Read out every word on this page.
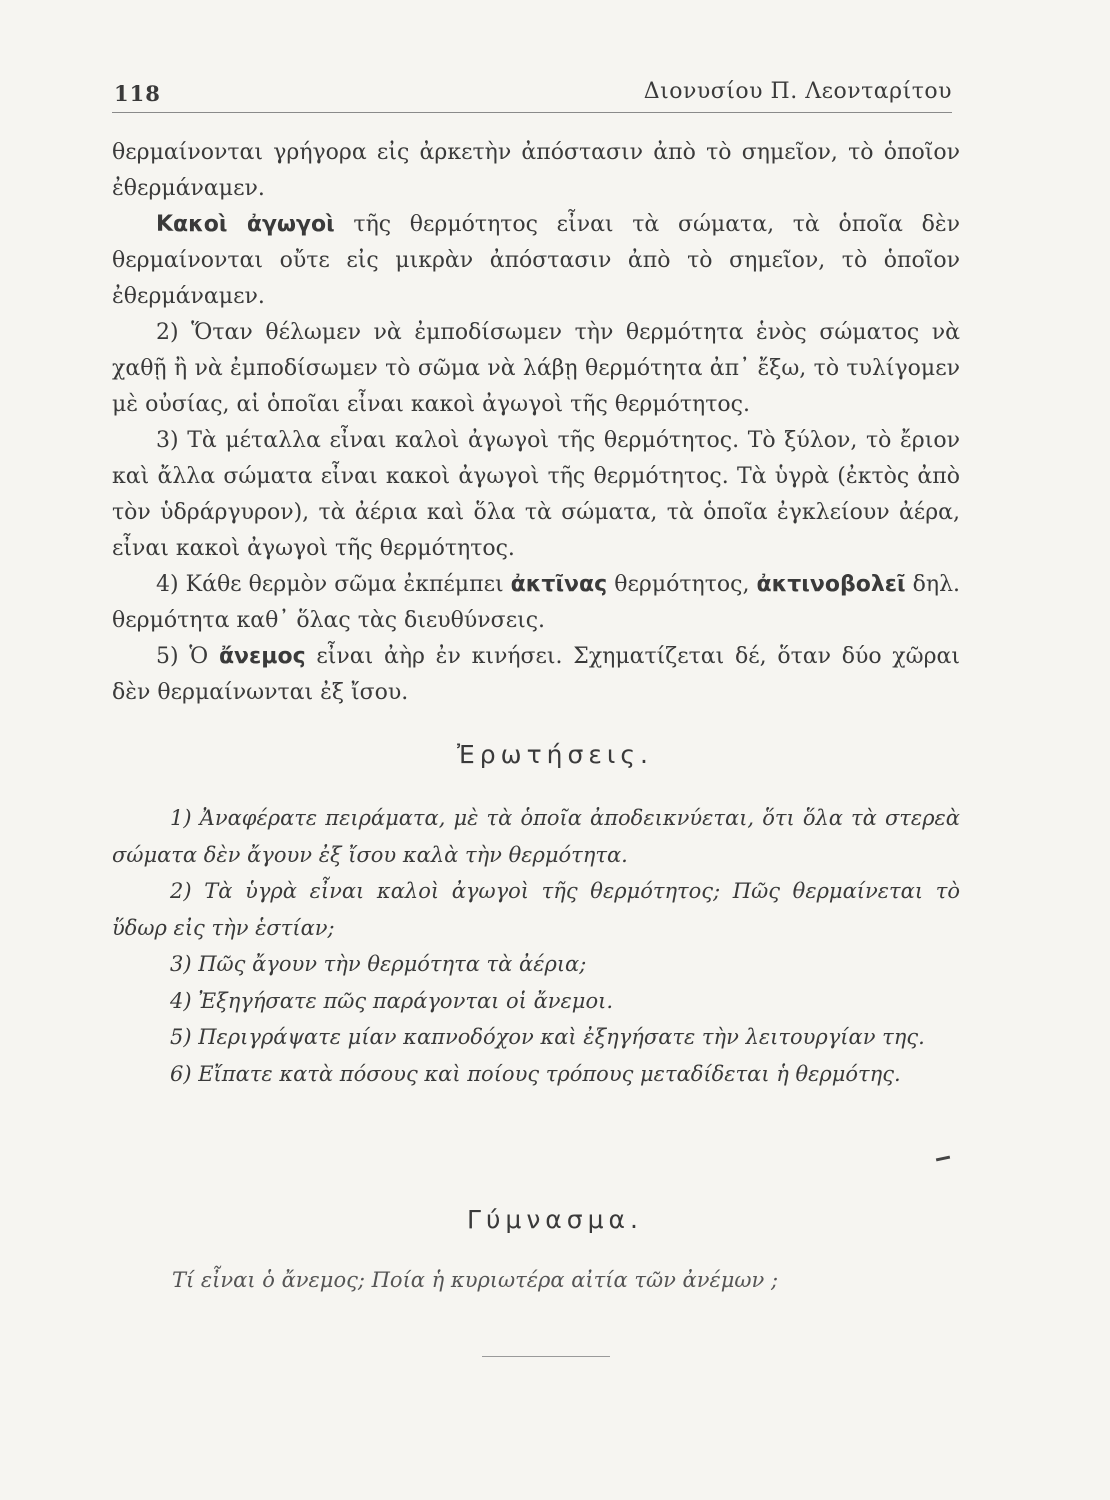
118	Διονυσίου Π. Λεονταρίτου

θερμαίνονται γρήγορα εἰς ἀρκετὴν ἀπόστασιν ἀπὸ τὸ σημεῖον, τὸ ὁποῖον ἐθερμάναμεν.

Κακοὶ ἀγωγοὶ τῆς θερμότητος εἶναι τὰ σώματα, τὰ ὁποῖα δὲν θερμαίνονται οὔτε εἰς μικρὰν ἀπόστασιν ἀπὸ τὸ σημεῖον, τὸ ὁποῖον ἐθερμάναμεν.

2) Ὅταν θέλωμεν νὰ ἐμποδίσωμεν τὴν θερμότητα ἑνὸς σώματος νὰ χαθῇ ἢ νὰ ἐμποδίσωμεν τὸ σῶμα νὰ λάβῃ θερμότητα ἀπ᾽ ἔξω, τὸ τυλίγομεν μὲ οὐσίας, αἱ ὁποῖαι εἶναι κακοὶ ἀγωγοὶ τῆς θερμότητος.

3) Τὰ μέταλλα εἶναι καλοὶ ἀγωγοὶ τῆς θερμότητος. Τὸ ξύλον, τὸ ἔριον καὶ ἄλλα σώματα εἶναι κακοὶ ἀγωγοὶ τῆς θερμότητος. Τὰ ὑγρὰ (ἐκτὸς ἀπὸ τὸν ὑδράργυρον), τὰ ἀέρια καὶ ὅλα τὰ σώματα, τὰ ὁποῖα ἐγκλείουν ἀέρα, εἶναι κακοὶ ἀγωγοὶ τῆς θερμότητος.

4) Κάθε θερμὸν σῶμα ἐκπέμπει ἀκτῖνας θερμότητος, ἀκτινοβολεῖ δηλ. θερμότητα καθ᾽ ὅλας τὰς διευθύνσεις.

5) Ὁ ἄνεμος εἶναι ἀὴρ ἐν κινήσει. Σχηματίζεται δέ, ὅταν δύο χῶραι δὲν θερμαίνωνται ἐξ ἴσου.

Ἐρωτήσεις.

1) Ἀναφέρατε πειράματα, μὲ τὰ ὁποῖα ἀποδεικνύεται, ὅτι ὅλα τὰ στερεὰ σώματα δὲν ἄγουν ἐξ ἴσου καλὰ τὴν θερμότητα.

2) Τὰ ὑγρὰ εἶναι καλοὶ ἀγωγοὶ τῆς θερμότητος; Πῶς θερμαίνεται τὸ ὕδωρ εἰς τὴν ἑστίαν;

3) Πῶς ἄγουν τὴν θερμότητα τὰ ἀέρια;

4) Ἐξηγήσατε πῶς παράγονται οἱ ἄνεμοι.

5) Περιγράψατε μίαν καπνοδόχον καὶ ἐξηγήσατε τὴν λειτουργίαν της.

6) Εἴπατε κατὰ πόσους καὶ ποίους τρόπους μεταδίδεται ἡ θερμότης.

Γύμνασμα.
Τί εἶναι ὁ ἄνεμος; Ποία ἡ κυριωτέρα αἰτία τῶν ἀνέμων ;
